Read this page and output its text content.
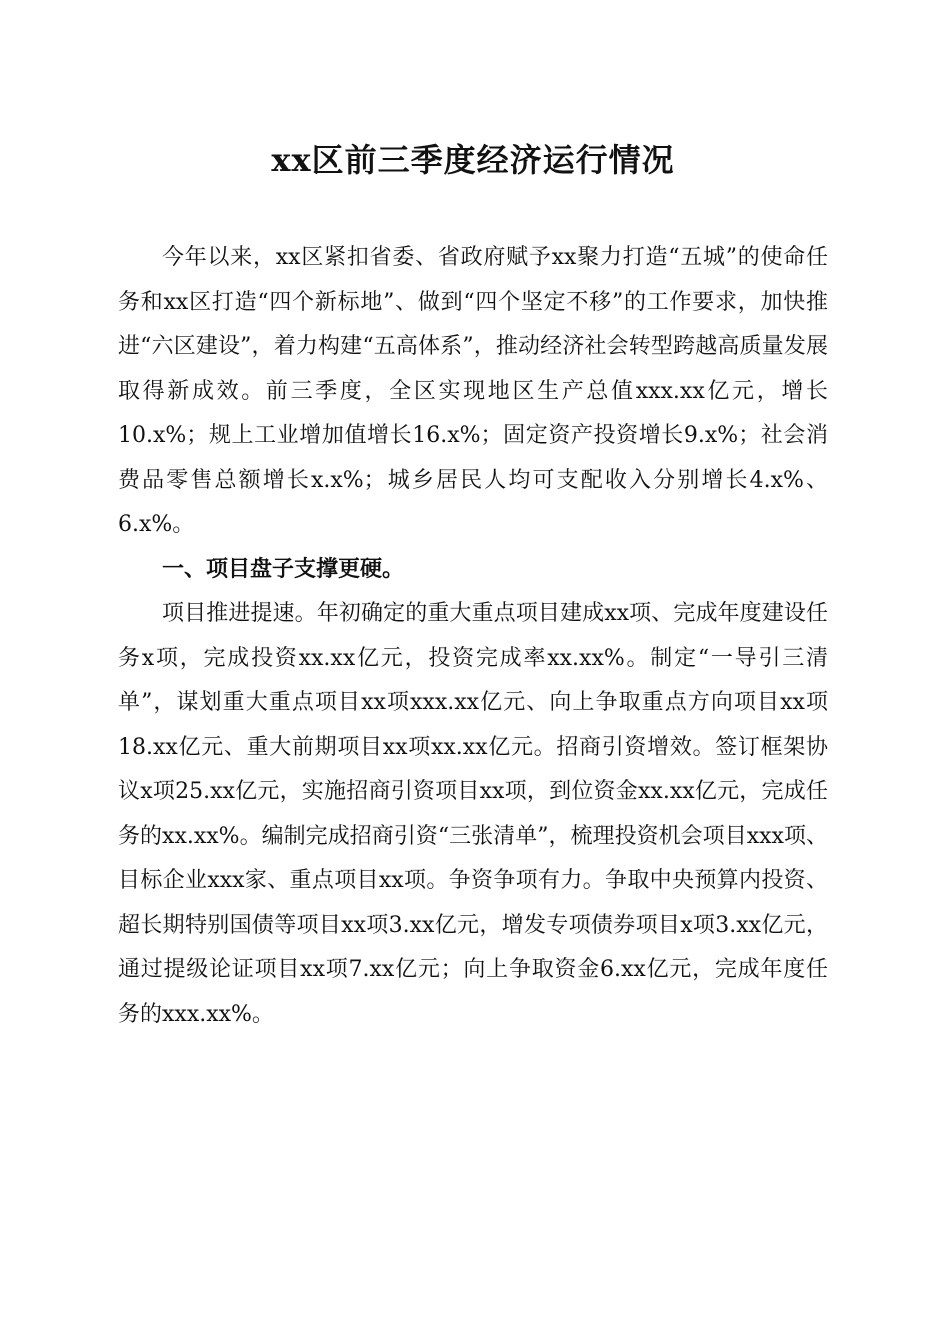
xx区前三季度经济运行情况

今年以来，xx区紧扣省委、省政府赋予xx聚力打造“五城”的使命任务和xx区打造“四个新标地”、做到“四个坚定不移”的工作要求，加快推进“六区建设”，着力构建“五高体系”，推动经济社会转型跨越高质量发展取得新成效。前三季度，全区实现地区生产总值xxx.xx亿元，增长10.x%；规上工业增加值增长16.x%；固定资产投资增长9.x%；社会消费品零售总额增长x.x%；城乡居民人均可支配收入分别增长4.x%、6.x%。

一、项目盘子支撑更硬。

项目推进提速。年初确定的重大重点项目建成xx项、完成年度建设任务x项，完成投资xx.xx亿元，投资完成率xx.xx%。制定“一导引三清单”，谋划重大重点项目xx项xxx.xx亿元、向上争取重点方向项目xx项18.xx亿元、重大前期项目xx项xx.xx亿元。招商引资增效。签订框架协议x项25.xx亿元，实施招商引资项目xx项，到位资金xx.xx亿元，完成任务的xx.xx%。编制完成招商引资“三张清单”，梳理投资机会项目xxx项、目标企业xxx家、重点项目xx项。争资争项有力。争取中央预算内投资、超长期特别国债等项目xx项3.xx亿元，增发专项债券项目x项3.xx亿元，通过提级论证项目xx项7.xx亿元；向上争取资金6.xx亿元，完成年度任务的xxx.xx%。
